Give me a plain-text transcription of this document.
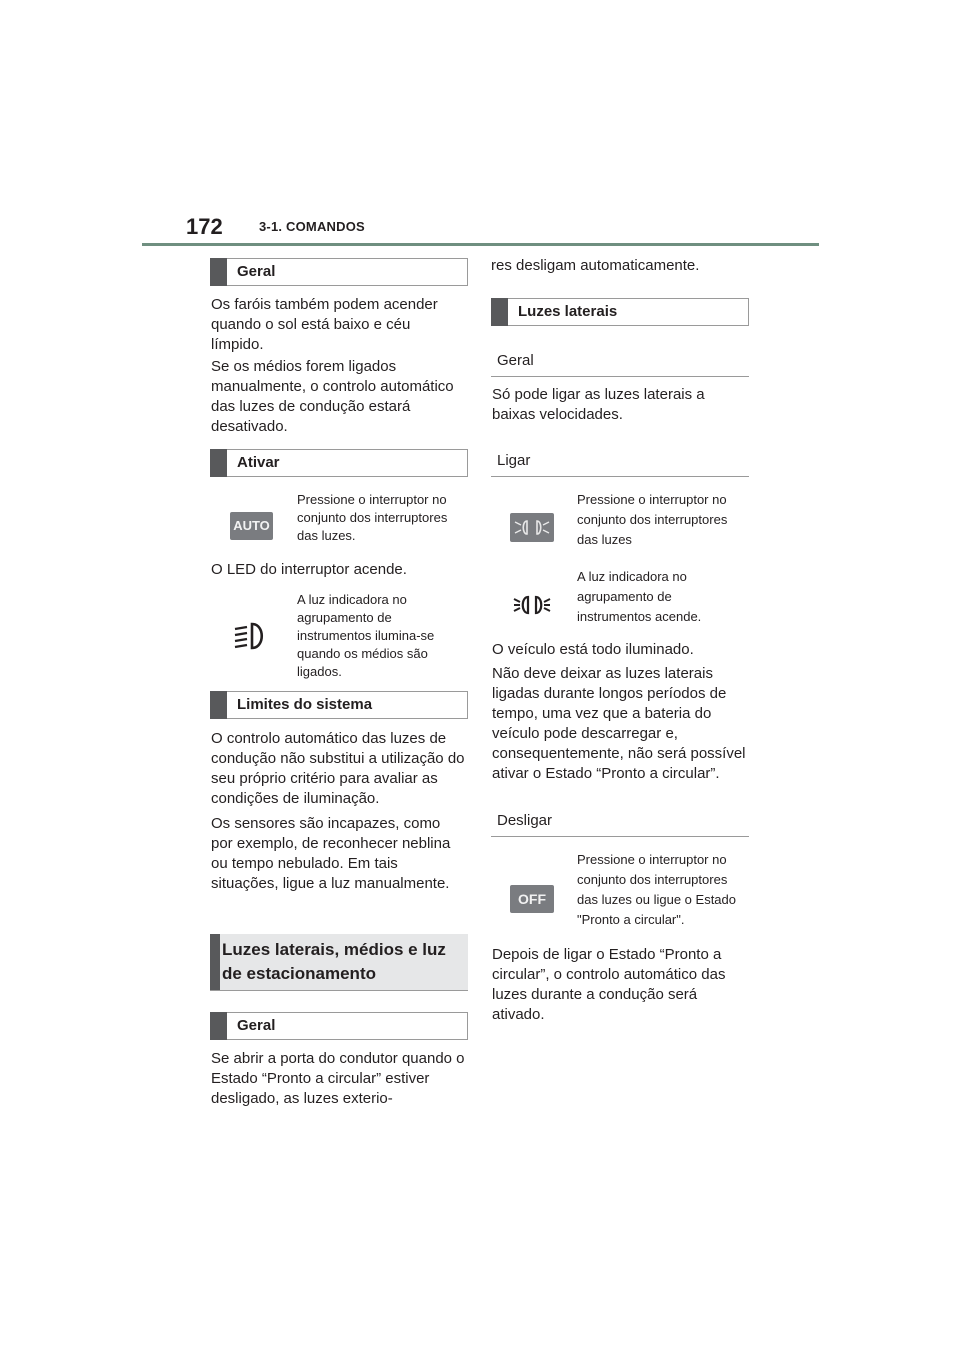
172	3-1. COMANDOS
Geral
Os faróis também podem acender quando o sol está baixo e céu límpido.
Se os médios forem ligados manualmente, o controlo automático das luzes de condução estará desativado.
Ativar
AUTO
Pressione o interruptor no conjunto dos interruptores das luzes.
O LED do interruptor acende.
A luz indicadora no agrupamento de instrumentos ilumina-se quando os médios são ligados.
Limites do sistema
O controlo automático das luzes de condução não substitui a utilização do seu próprio critério para avaliar as condições de iluminação.
Os sensores são incapazes, como por exemplo, de reconhecer neblina ou tempo nebulado. Em tais situações, ligue a luz manualmente.
Luzes laterais, médios e luz de estacionamento
Geral
Se abrir a porta do condutor quando o Estado “Pronto a circular” estiver desligado, as luzes exterio-
res desligam automaticamente.
Luzes laterais
Geral
Só pode ligar as luzes laterais a baixas velocidades.
Ligar
Pressione o interruptor no conjunto dos interruptores das luzes
A luz indicadora no agrupamento de instrumentos acende.
O veículo está todo iluminado.
Não deve deixar as luzes laterais ligadas durante longos períodos de tempo, uma vez que a bateria do veículo pode descarregar e, consequentemente, não será possível ativar o Estado “Pronto a circular”.
Desligar
OFF
Pressione o interruptor no conjunto dos interruptores das luzes ou ligue o Estado "Pronto a circular".
Depois de ligar o Estado “Pronto a circular”, o controlo automático das luzes durante a condução será ativado.
